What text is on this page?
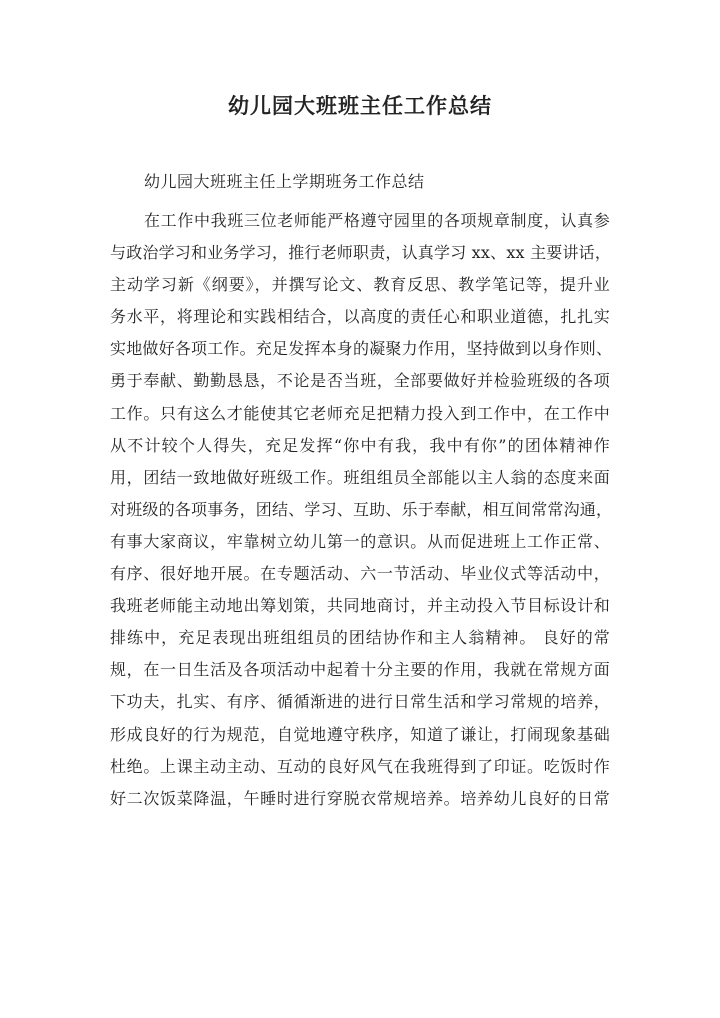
幼儿园大班班主任工作总结

幼儿园大班班主任上学期班务工作总结

在工作中我班三位老师能严格遵守园里的各项规章制度，认真参
与政治学习和业务学习，推行老师职责，认真学习 xx、xx 主要讲话，
主动学习新《纲要》，并撰写论文、教育反思、教学笔记等，提升业
务水平，将理论和实践相结合，以高度的责任心和职业道德，扎扎实
实地做好各项工作。充足发挥本身的凝聚力作用，坚持做到以身作则、
勇于奉献、勤勤恳恳，不论是否当班，全部要做好并检验班级的各项
工作。只有这么才能使其它老师充足把精力投入到工作中，在工作中
从不计较个人得失，充足发挥“你中有我，我中有你”的团体精神作
用，团结一致地做好班级工作。班组组员全部能以主人翁的态度来面
对班级的各项事务，团结、学习、互助、乐于奉献，相互间常常沟通，
有事大家商议，牢靠树立幼儿第一的意识。从而促进班上工作正常、
有序、很好地开展。在专题活动、六一节活动、毕业仪式等活动中，
我班老师能主动地出筹划策，共同地商讨，并主动投入节目标设计和
排练中，充足表现出班组组员的团结协作和主人翁精神。 良好的常
规，在一日生活及各项活动中起着十分主要的作用，我就在常规方面
下功夫，扎实、有序、循循渐进的进行日常生活和学习常规的培养，
形成良好的行为规范，自觉地遵守秩序，知道了谦让，打闹现象基础
杜绝。上课主动主动、互动的良好风气在我班得到了印证。吃饭时作
好二次饭菜降温，午睡时进行穿脱衣常规培养。培养幼儿良好的日常
